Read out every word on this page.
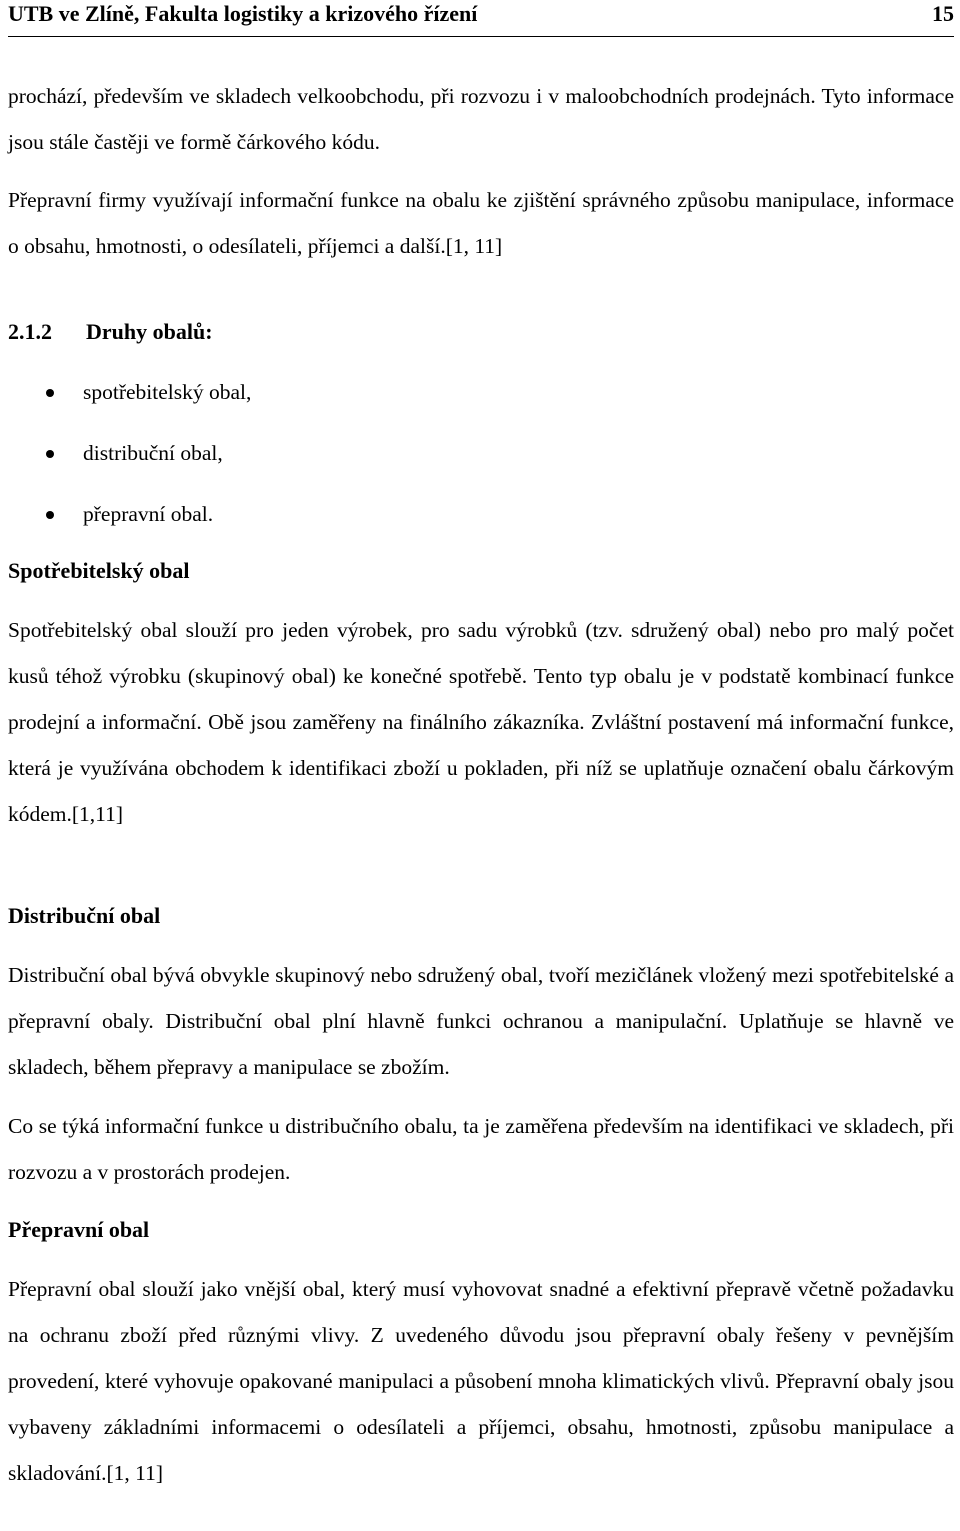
UTB ve Zlíně, Fakulta logistiky a krizového řízení	15

prochází, především ve skladech velkoobchodu, při rozvozu i v maloobchodních prodejnách. Tyto informace jsou stále častěji ve formě čárkového kódu.

Přepravní firmy využívají informační funkce na obalu ke zjištění správného způsobu manipulace, informace o obsahu, hmotnosti, o odesílateli, příjemci a další.[1, 11]

2.1.2 Druhy obalů:
spotřebitelský obal,
distribuční obal,
přepravní obal.
Spotřebitelský obal

Spotřebitelský obal slouží pro jeden výrobek, pro sadu výrobků (tzv. sdružený obal) nebo pro malý počet kusů téhož výrobku (skupinový obal) ke konečné spotřebě. Tento typ obalu je v podstatě kombinací funkce prodejní a informační. Obě jsou zaměřeny na finálního zákazníka. Zvláštní postavení má informační funkce, která je využívána obchodem k identifikaci zboží u pokladen, při níž se uplatňuje označení obalu čárkovým kódem.[1,11]

Distribuční obal

Distribuční obal bývá obvykle skupinový nebo sdružený obal, tvoří mezičlánek vložený mezi spotřebitelské a přepravní obaly. Distribuční obal plní hlavně funkci ochranou a manipulační. Uplatňuje se hlavně ve skladech, během přepravy a manipulace se zbožím.

Co se týká informační funkce u distribučního obalu, ta je zaměřena především na identifikaci ve skladech, při rozvozu a v prostorách prodejen.

Přepravní obal

Přepravní obal slouží jako vnější obal, který musí vyhovovat snadné a efektivní přepravě včetně požadavku na ochranu zboží před různými vlivy. Z uvedeného důvodu jsou přepravní obaly řešeny v pevnějším provedení, které vyhovuje opakované manipulaci a působení mnoha klimatických vlivů. Přepravní obaly jsou vybaveny základními informacemi o odesílateli a příjemci, obsahu, hmotnosti, způsobu manipulace a skladování.[1, 11]
